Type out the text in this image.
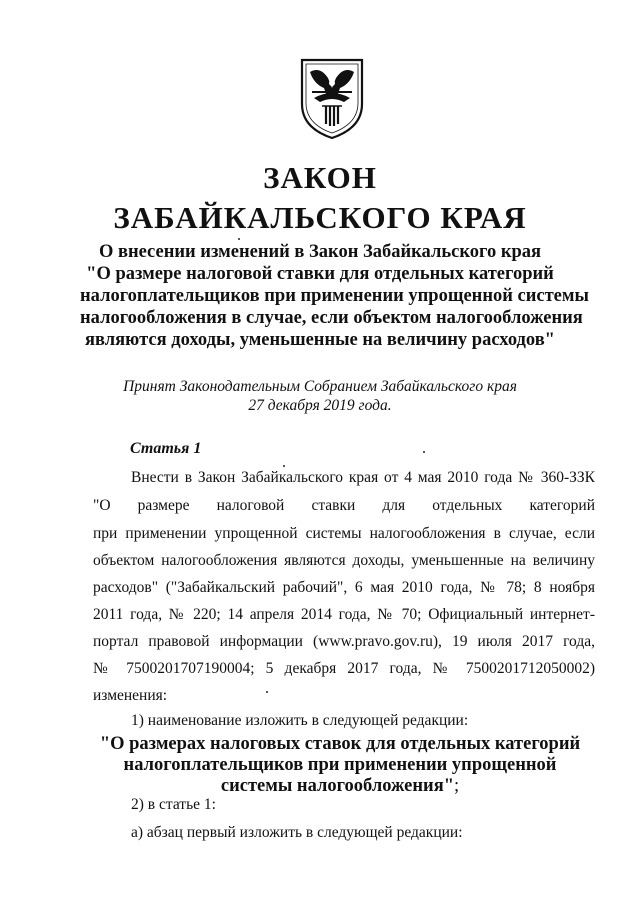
ЗАКОН
ЗАБАЙКАЛЬСКОГО КРАЯ
О внесении изменений в Закон Забайкальского края
"О размере налоговой ставки для отдельных категорий
налогоплательщиков при применении упрощенной системы
налогообложения в случае, если объектом налогообложения
являются доходы, уменьшенные на величину расходов"
Принят Законодательным Собранием Забайкальского края
27 декабря 2019 года.
Статья 1
Внести в Закон Забайкальского края от 4 мая 2010 года № 360-ЗЗК
"О размере налоговой ставки для отдельных категорий
при применении упрощенной системы налогообложения в случае, если
объектом налогообложения являются доходы, уменьшенные на величину
расходов" ("Забайкальский рабочий", 6 мая 2010 года, № 78; 8 ноября
2011 года, № 220; 14 апреля 2014 года, № 70; Официальный интернет-
портал правовой информации (www.pravo.gov.ru), 19 июля 2017 года,
№ 7500201707190004; 5 декабря 2017 года, № 7500201712050002)
изменения:
1) наименование изложить в следующей редакции:
"О размерах налоговых ставок для отдельных категорий
налогоплательщиков при применении упрощенной
системы налогообложения";
2) в статье 1:
а) абзац первый изложить в следующей редакции:
